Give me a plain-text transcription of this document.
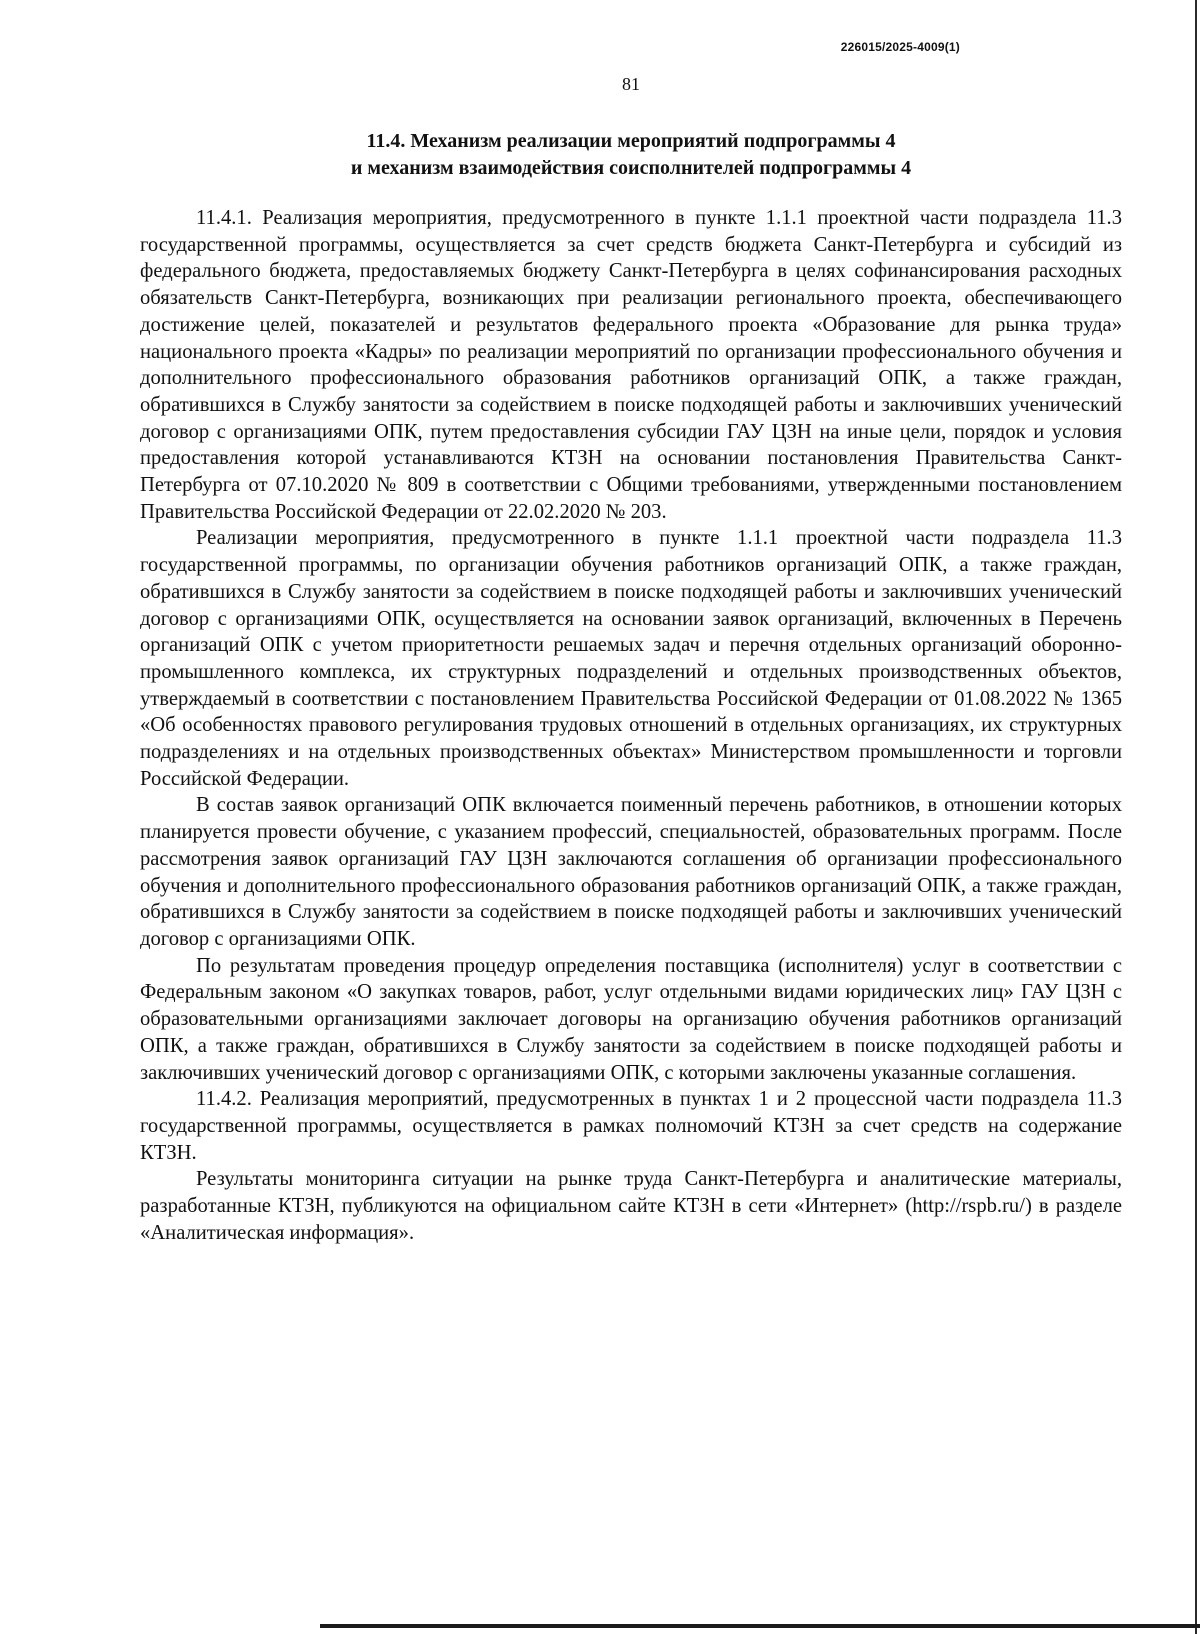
226015/2025-4009(1)
81
11.4. Механизм реализации мероприятий подпрограммы 4
и механизм взаимодействия соисполнителей подпрограммы 4

11.4.1. Реализация мероприятия, предусмотренного в пункте 1.1.1 проектной части подраздела 11.3 государственной программы, осуществляется за счет средств бюджета Санкт-Петербурга и субсидий из федерального бюджета, предоставляемых бюджету Санкт-Петербурга в целях софинансирования расходных обязательств Санкт-Петербурга, возникающих при реализации регионального проекта, обеспечивающего достижение целей, показателей и результатов федерального проекта «Образование для рынка труда» национального проекта «Кадры» по реализации мероприятий по организации профессионального обучения и дополнительного профессионального образования работников организаций ОПК, а также граждан, обратившихся в Службу занятости за содействием в поиске подходящей работы и заключивших ученический договор с организациями ОПК, путем предоставления субсидии ГАУ ЦЗН на иные цели, порядок и условия предоставления которой устанавливаются КТЗН на основании постановления Правительства Санкт-Петербурга от 07.10.2020 № 809 в соответствии с Общими требованиями, утвержденными постановлением Правительства Российской Федерации от 22.02.2020 № 203.

Реализации мероприятия, предусмотренного в пункте 1.1.1 проектной части подраздела 11.3 государственной программы, по организации обучения работников организаций ОПК, а также граждан, обратившихся в Службу занятости за содействием в поиске подходящей работы и заключивших ученический договор с организациями ОПК, осуществляется на основании заявок организаций, включенных в Перечень организаций ОПК с учетом приоритетности решаемых задач и перечня отдельных организаций оборонно-промышленного комплекса, их структурных подразделений и отдельных производственных объектов, утверждаемый в соответствии с постановлением Правительства Российской Федерации от 01.08.2022 № 1365 «Об особенностях правового регулирования трудовых отношений в отдельных организациях, их структурных подразделениях и на отдельных производственных объектах» Министерством промышленности и торговли Российской Федерации.

В состав заявок организаций ОПК включается поименный перечень работников, в отношении которых планируется провести обучение, с указанием профессий, специальностей, образовательных программ. После рассмотрения заявок организаций ГАУ ЦЗН заключаются соглашения об организации профессионального обучения и дополнительного профессионального образования работников организаций ОПК, а также граждан, обратившихся в Службу занятости за содействием в поиске подходящей работы и заключивших ученический договор с организациями ОПК.

По результатам проведения процедур определения поставщика (исполнителя) услуг в соответствии с Федеральным законом «О закупках товаров, работ, услуг отдельными видами юридических лиц» ГАУ ЦЗН с образовательными организациями заключает договоры на организацию обучения работников организаций ОПК, а также граждан, обратившихся в Службу занятости за содействием в поиске подходящей работы и заключивших ученический договор с организациями ОПК, с которыми заключены указанные соглашения.

11.4.2. Реализация мероприятий, предусмотренных в пунктах 1 и 2 процессной части подраздела 11.3 государственной программы, осуществляется в рамках полномочий КТЗН за счет средств на содержание КТЗН.

Результаты мониторинга ситуации на рынке труда Санкт-Петербурга и аналитические материалы, разработанные КТЗН, публикуются на официальном сайте КТЗН в сети «Интернет» (http://rspb.ru/) в разделе «Аналитическая информация».
